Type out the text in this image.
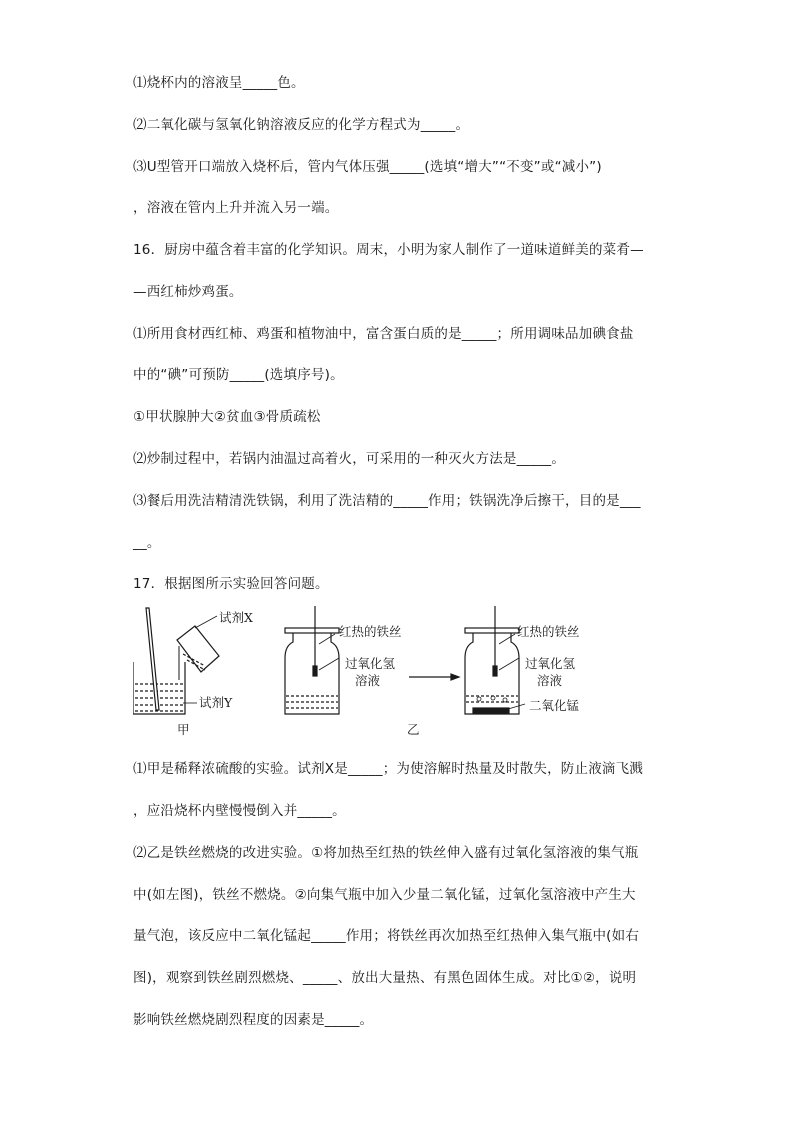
⑴烧杯内的溶液呈_____色。
⑵二氧化碳与氢氧化钠溶液反应的化学方程式为_____。
⑶U型管开口端放入烧杯后，管内气体压强_____(选填“增大”“不变”或“减小”)
，溶液在管内上升并流入另一端。
16．厨房中蕴含着丰富的化学知识。周末，小明为家人制作了一道味道鲜美的菜肴—
—西红柿炒鸡蛋。
⑴所用食材西红柿、鸡蛋和植物油中，富含蛋白质的是_____；所用调味品加碘食盐
中的“碘”可预防_____(选填序号)。
①甲状腺肿大②贫血③骨质疏松
⑵炒制过程中，若锅内油温过高着火，可采用的一种灭火方法是_____。
⑶餐后用洗洁精清洗铁锅，利用了洗洁精的_____作用；铁锅洗净后擦干，目的是___
__。
17．根据图所示实验回答问题。
试剂X
试剂Y
甲
红热的铁丝
过氧化氢
溶液
乙
红热的铁丝
过氧化氢
溶液
二氧化锰
⑴甲是稀释浓硫酸的实验。试剂X是_____；为使溶解时热量及时散失，防止液滴飞溅
，应沿烧杯内壁慢慢倒入并_____。
⑵乙是铁丝燃烧的改进实验。①将加热至红热的铁丝伸入盛有过氧化氢溶液的集气瓶
中(如左图)，铁丝不燃烧。②向集气瓶中加入少量二氧化锰，过氧化氢溶液中产生大
量气泡，该反应中二氧化锰起_____作用；将铁丝再次加热至红热伸入集气瓶中(如右
图)，观察到铁丝剧烈燃烧、_____、放出大量热、有黑色固体生成。对比①②，说明
影响铁丝燃烧剧烈程度的因素是_____。
